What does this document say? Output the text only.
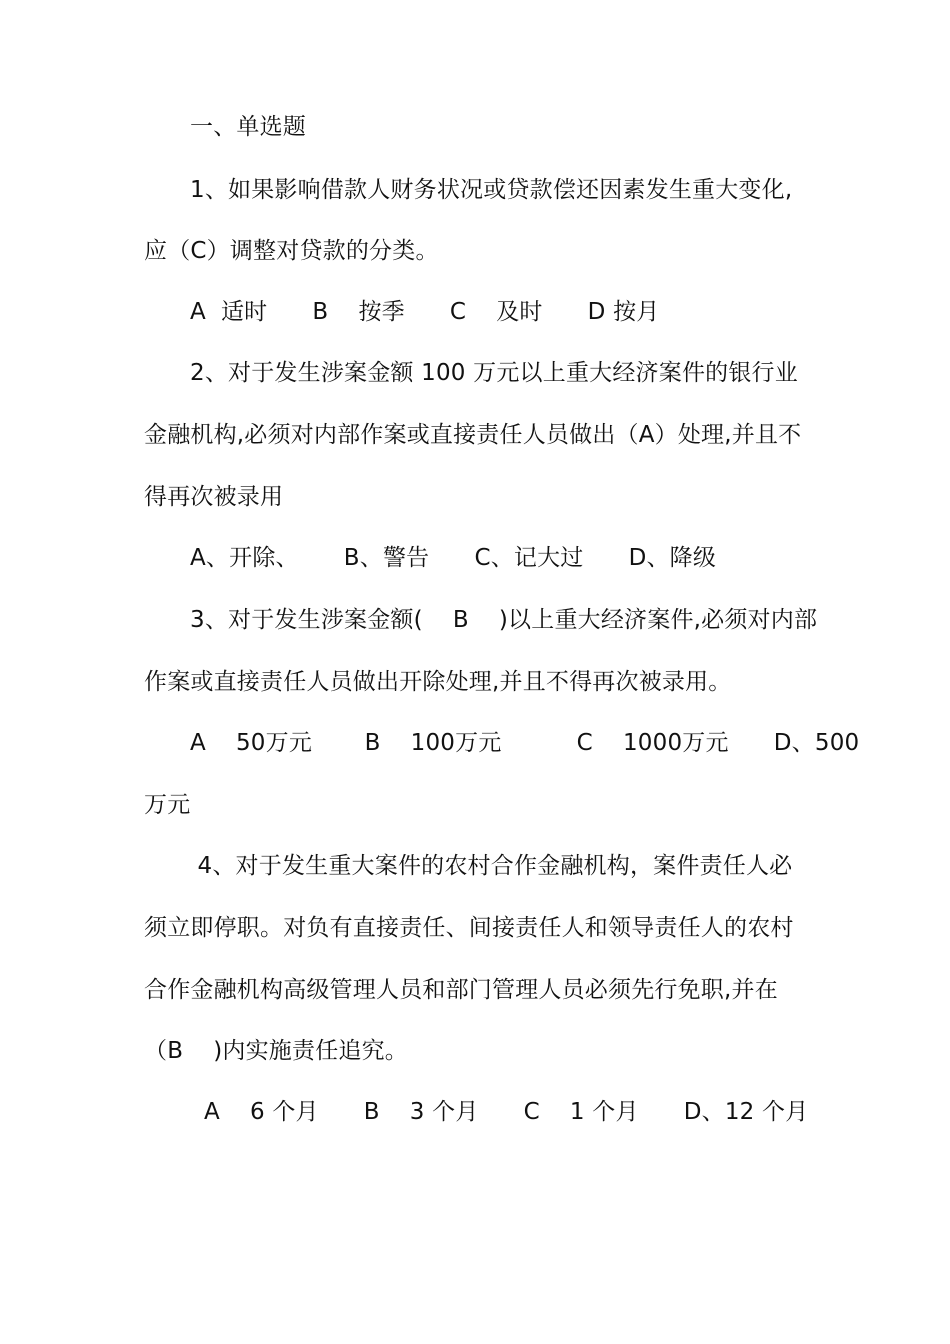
一、单选题
1、如果影响借款人财务状况或贷款偿还因素发生重大变化,
应（C）调整对贷款的分类。
A  适时      B    按季      C    及时      D 按月
2、对于发生涉案金额 100 万元以上重大经济案件的银行业
金融机构,必须对内部作案或直接责任人员做出（A）处理,并且不
得再次被录用
A、开除、      B、警告      C、记大过      D、降级
3、对于发生涉案金额(    B    )以上重大经济案件,必须对内部
作案或直接责任人员做出开除处理,并且不得再次被录用。
A    50万元       B    100万元          C    1000万元      D、500
万元
4、对于发生重大案件的农村合作金融机构，案件责任人必
须立即停职。对负有直接责任、间接责任人和领导责任人的农村
合作金融机构高级管理人员和部门管理人员必须先行免职,并在
（B    )内实施责任追究。
A    6 个月      B    3 个月      C    1 个月      D、12 个月
